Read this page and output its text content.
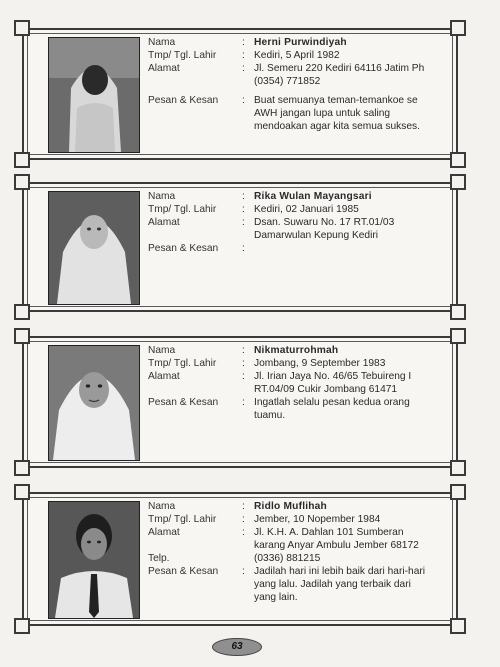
Nama	: Herni Purwindiyah
Tmp/ Tgl. Lahir	: Kediri, 5 April 1982
Alamat	: Jl. Semeru 220 Kediri 64116 Jatim Ph
(0354) 771852
Pesan & Kesan	: Buat semuanya teman-temankoe se
AWH jangan lupa untuk saling
mendoakan agar kita semua sukses.
Nama	: Rika Wulan Mayangsari
Tmp/ Tgl. Lahir	: Kediri, 02 Januari 1985
Alamat	: Dsan. Suwaru No. 17 RT.01/03
Damarwulan Kepung Kediri
Pesan & Kesan	:
Nama	: Nikmaturrohmah
Tmp/ Tgl. Lahir	: Jombang, 9 September 1983
Alamat	: Jl. Irian Jaya No. 46/65 Tebuireng I
RT.04/09 Cukir Jombang 61471
Pesan & Kesan	: Ingatlah selalu pesan kedua orang
tuamu.
Nama	: Ridlo Muflihah
Tmp/ Tgl. Lahir	: Jember, 10 Nopember 1984
Alamat	: Jl. K.H. A. Dahlan 101 Sumberan
karang Anyar Ambulu Jember 68172
Telp.	(0336) 881215
Pesan & Kesan	: Jadilah hari ini lebih baik dari hari-hari
yang lalu. Jadilah yang terbaik dari
yang lain.
63
